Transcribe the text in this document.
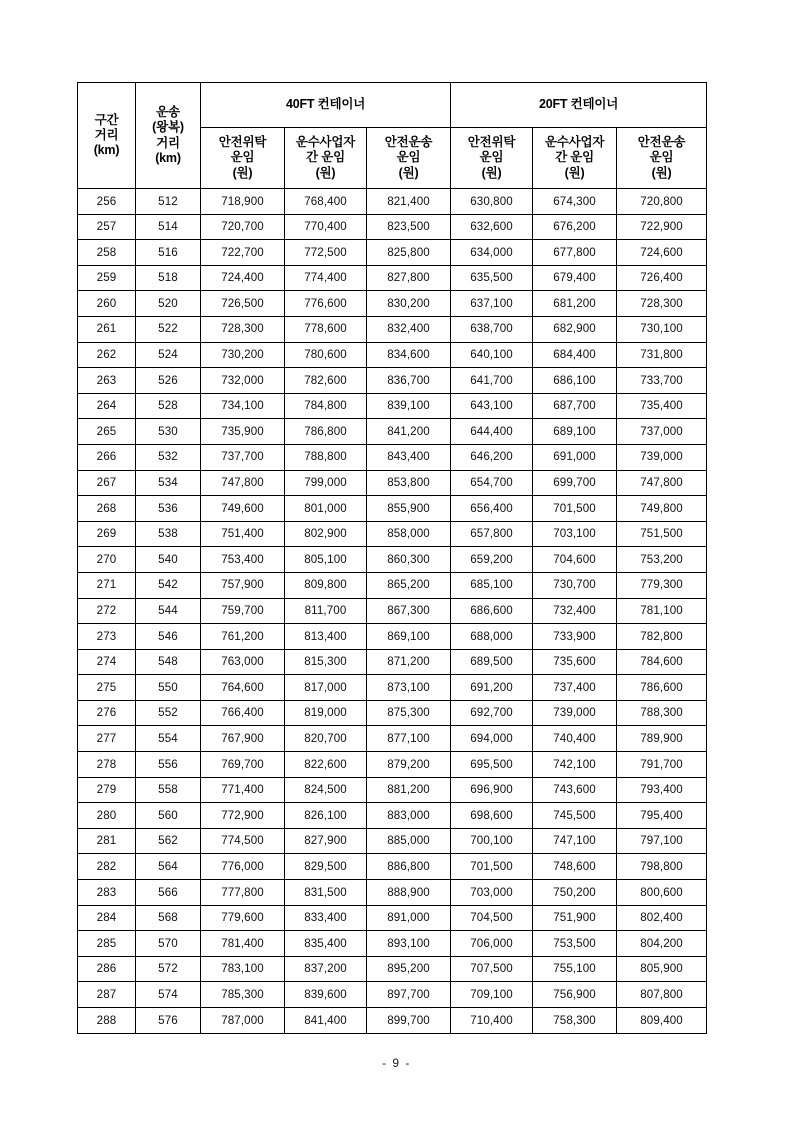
구간
거리
(km)	운송
(왕복)
거리
(km)	40FT 컨테이너			20FT 컨테이너		

		안전위탁
운임
(원)	운수사업자
간 운임
(원)	안전운송
운임
(원)	안전위탁
운임
(원)	운수사업자
간 운임
(원)	안전운송
운임
(원)

256	512	718,900	768,400	821,400	630,800	674,300	720,800
257	514	720,700	770,400	823,500	632,600	676,200	722,900
258	516	722,700	772,500	825,800	634,000	677,800	724,600
259	518	724,400	774,400	827,800	635,500	679,400	726,400
260	520	726,500	776,600	830,200	637,100	681,200	728,300
261	522	728,300	778,600	832,400	638,700	682,900	730,100
262	524	730,200	780,600	834,600	640,100	684,400	731,800
263	526	732,000	782,600	836,700	641,700	686,100	733,700
264	528	734,100	784,800	839,100	643,100	687,700	735,400
265	530	735,900	786,800	841,200	644,400	689,100	737,000
266	532	737,700	788,800	843,400	646,200	691,000	739,000
267	534	747,800	799,000	853,800	654,700	699,700	747,800
268	536	749,600	801,000	855,900	656,400	701,500	749,800
269	538	751,400	802,900	858,000	657,800	703,100	751,500
270	540	753,400	805,100	860,300	659,200	704,600	753,200
271	542	757,900	809,800	865,200	685,100	730,700	779,300
272	544	759,700	811,700	867,300	686,600	732,400	781,100
273	546	761,200	813,400	869,100	688,000	733,900	782,800
274	548	763,000	815,300	871,200	689,500	735,600	784,600
275	550	764,600	817,000	873,100	691,200	737,400	786,600
276	552	766,400	819,000	875,300	692,700	739,000	788,300
277	554	767,900	820,700	877,100	694,000	740,400	789,900
278	556	769,700	822,600	879,200	695,500	742,100	791,700
279	558	771,400	824,500	881,200	696,900	743,600	793,400
280	560	772,900	826,100	883,000	698,600	745,500	795,400
281	562	774,500	827,900	885,000	700,100	747,100	797,100
282	564	776,000	829,500	886,800	701,500	748,600	798,800
283	566	777,800	831,500	888,900	703,000	750,200	800,600
284	568	779,600	833,400	891,000	704,500	751,900	802,400
285	570	781,400	835,400	893,100	706,000	753,500	804,200
286	572	783,100	837,200	895,200	707,500	755,100	805,900
287	574	785,300	839,600	897,700	709,100	756,900	807,800
288	576	787,000	841,400	899,700	710,400	758,300	809,400
- 9 -
